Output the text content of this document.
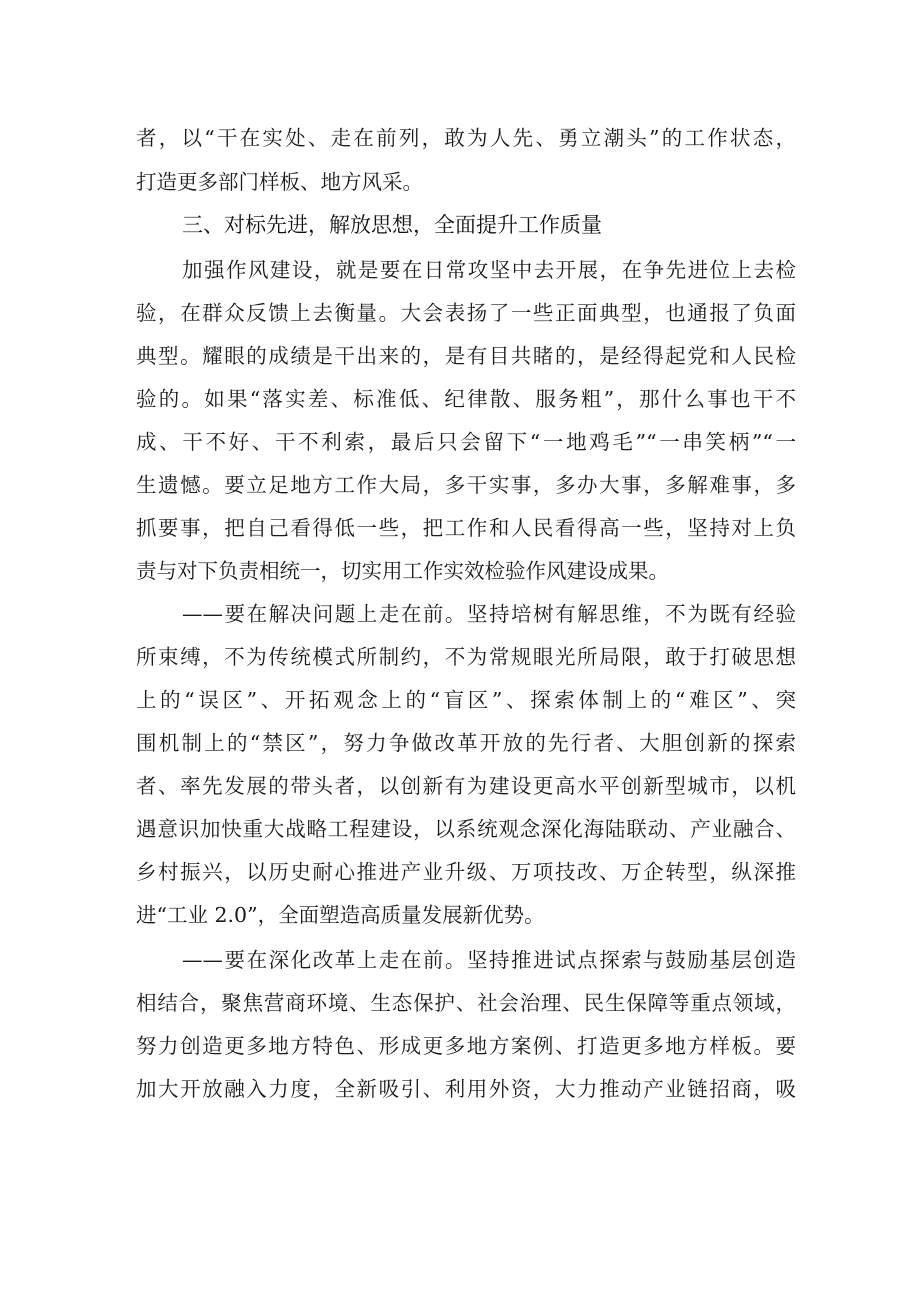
者，以“干在实处、走在前列，敢为人先、勇立潮头”的工作状态，
打造更多部门样板、地方风采。
三、对标先进，解放思想，全面提升工作质量
加强作风建设，就是要在日常攻坚中去开展，在争先进位上去检
验，在群众反馈上去衡量。大会表扬了一些正面典型，也通报了负面
典型。耀眼的成绩是干出来的，是有目共睹的，是经得起党和人民检
验的。如果“落实差、标准低、纪律散、服务粗”，那什么事也干不
成、干不好、干不利索，最后只会留下“一地鸡毛”“一串笑柄”“一
生遗憾。要立足地方工作大局，多干实事，多办大事，多解难事，多
抓要事，把自己看得低一些，把工作和人民看得高一些，坚持对上负
责与对下负责相统一，切实用工作实效检验作风建设成果。
——要在解决问题上走在前。坚持培树有解思维，不为既有经验
所束缚，不为传统模式所制约，不为常规眼光所局限，敢于打破思想
上的“误区”、开拓观念上的“盲区”、探索体制上的“难区”、突
围机制上的“禁区”，努力争做改革开放的先行者、大胆创新的探索
者、率先发展的带头者，以创新有为建设更高水平创新型城市，以机
遇意识加快重大战略工程建设，以系统观念深化海陆联动、产业融合、
乡村振兴，以历史耐心推进产业升级、万项技改、万企转型，纵深推
进“工业 2.0”，全面塑造高质量发展新优势。
——要在深化改革上走在前。坚持推进试点探索与鼓励基层创造
相结合，聚焦营商环境、生态保护、社会治理、民生保障等重点领域，
努力创造更多地方特色、形成更多地方案例、打造更多地方样板。要
加大开放融入力度，全新吸引、利用外资，大力推动产业链招商，吸
